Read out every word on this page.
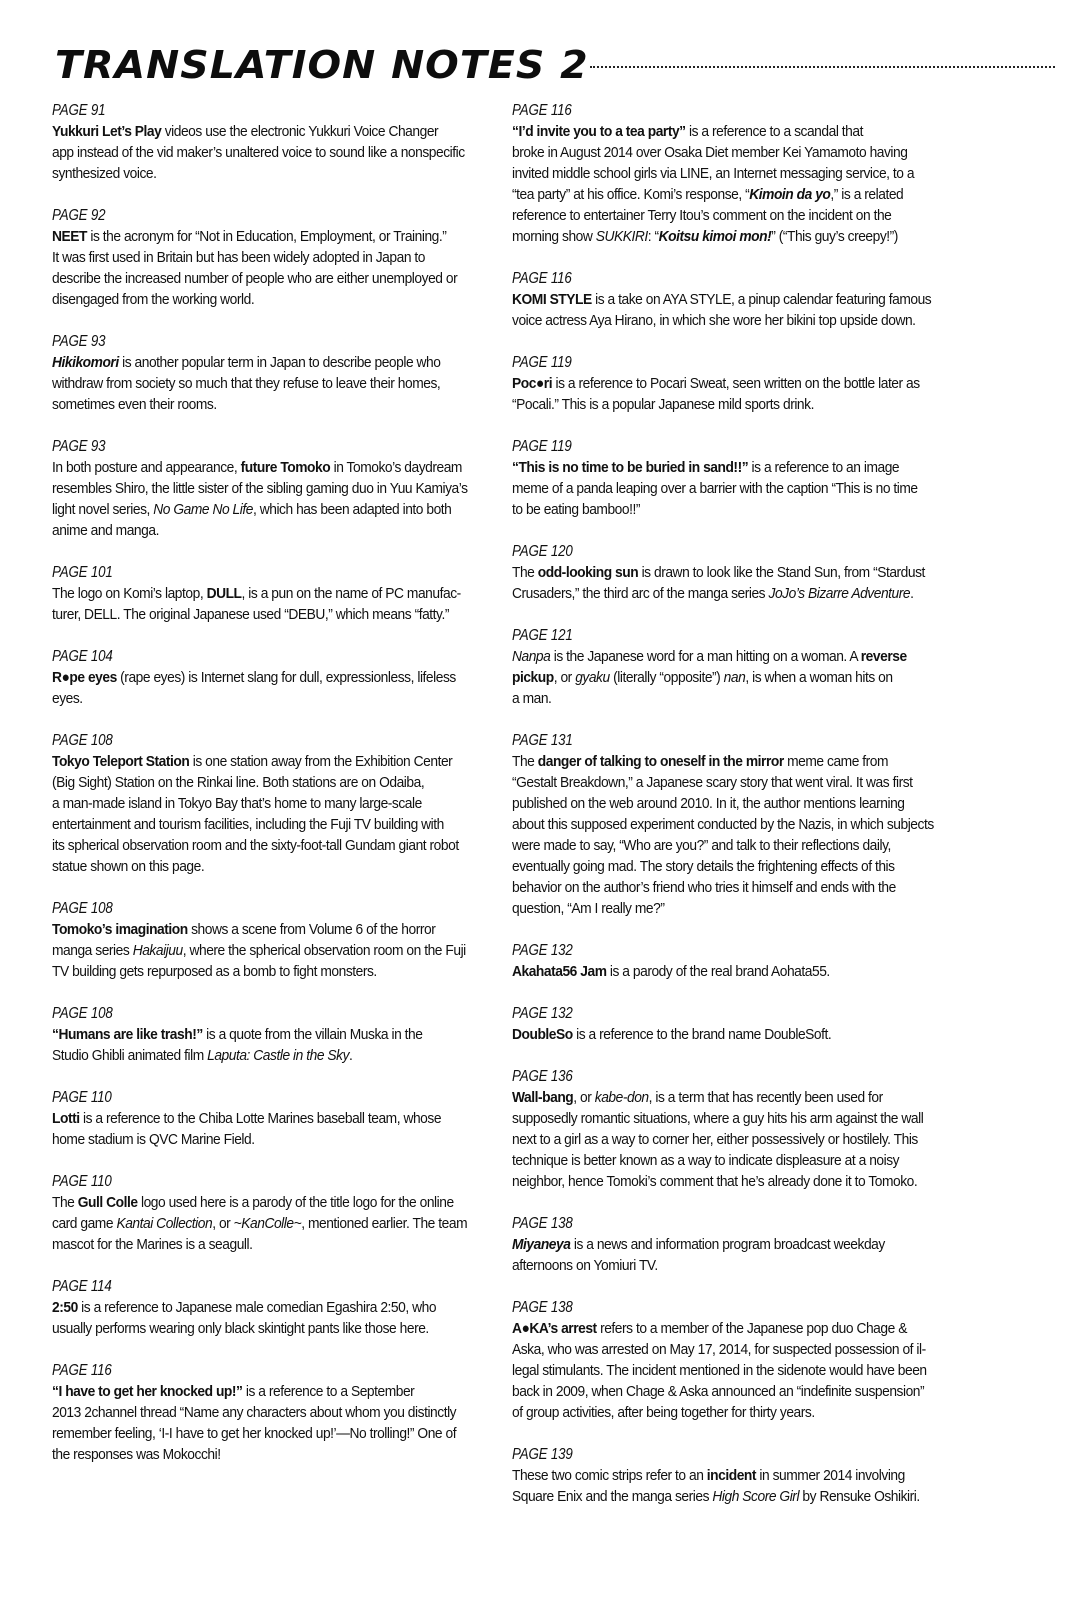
TRANSLATION NOTES 2
PAGE 91
Yukkuri Let’s Play videos use the electronic Yukkuri Voice Changer
app instead of the vid maker’s unaltered voice to sound like a nonspecific
synthesized voice.
PAGE 92
NEET is the acronym for “Not in Education, Employment, or Training.”
It was first used in Britain but has been widely adopted in Japan to
describe the increased number of people who are either unemployed or
disengaged from the working world.
PAGE 93
Hikikomori is another popular term in Japan to describe people who
withdraw from society so much that they refuse to leave their homes,
sometimes even their rooms.
PAGE 93
In both posture and appearance, future Tomoko in Tomoko’s daydream
resembles Shiro, the little sister of the sibling gaming duo in Yuu Kamiya’s
light novel series, No Game No Life, which has been adapted into both
anime and manga.
PAGE 101
The logo on Komi’s laptop, DULL, is a pun on the name of PC manufac-
turer, DELL. The original Japanese used “DEBU,” which means “fatty.”
PAGE 104
R●pe eyes (rape eyes) is Internet slang for dull, expressionless, lifeless
eyes.
PAGE 108
Tokyo Teleport Station is one station away from the Exhibition Center
(Big Sight) Station on the Rinkai line. Both stations are on Odaiba,
a man-made island in Tokyo Bay that’s home to many large-scale
entertainment and tourism facilities, including the Fuji TV building with
its spherical observation room and the sixty-foot-tall Gundam giant robot
statue shown on this page.
PAGE 108
Tomoko’s imagination shows a scene from Volume 6 of the horror
manga series Hakaijuu, where the spherical observation room on the Fuji
TV building gets repurposed as a bomb to fight monsters.
PAGE 108
“Humans are like trash!” is a quote from the villain Muska in the
Studio Ghibli animated film Laputa: Castle in the Sky.
PAGE 110
Lotti is a reference to the Chiba Lotte Marines baseball team, whose
home stadium is QVC Marine Field.
PAGE 110
The Gull Colle logo used here is a parody of the title logo for the online
card game Kantai Collection, or ~KanColle~, mentioned earlier. The team
mascot for the Marines is a seagull.
PAGE 114
2:50 is a reference to Japanese male comedian Egashira 2:50, who
usually performs wearing only black skintight pants like those here.
PAGE 116
“I have to get her knocked up!” is a reference to a September
2013 2channel thread “Name any characters about whom you distinctly
remember feeling, ‘I-I have to get her knocked up!’—No trolling!” One of
the responses was Mokocchi!
PAGE 116
“I’d invite you to a tea party” is a reference to a scandal that
broke in August 2014 over Osaka Diet member Kei Yamamoto having
invited middle school girls via LINE, an Internet messaging service, to a
“tea party” at his office. Komi’s response, “Kimoin da yo,” is a related
reference to entertainer Terry Itou’s comment on the incident on the
morning show SUKKIRI: “Koitsu kimoi mon!” (“This guy’s creepy!”)
PAGE 116
KOMI STYLE is a take on AYA STYLE, a pinup calendar featuring famous
voice actress Aya Hirano, in which she wore her bikini top upside down.
PAGE 119
Poc●ri is a reference to Pocari Sweat, seen written on the bottle later as
“Pocali.” This is a popular Japanese mild sports drink.
PAGE 119
“This is no time to be buried in sand!!” is a reference to an image
meme of a panda leaping over a barrier with the caption “This is no time
to be eating bamboo!!”
PAGE 120
The odd-looking sun is drawn to look like the Stand Sun, from “Stardust
Crusaders,” the third arc of the manga series JoJo’s Bizarre Adventure.
PAGE 121
Nanpa is the Japanese word for a man hitting on a woman. A reverse
pickup, or gyaku (literally “opposite”) nan, is when a woman hits on
a man.
PAGE 131
The danger of talking to oneself in the mirror meme came from
“Gestalt Breakdown,” a Japanese scary story that went viral. It was first
published on the web around 2010. In it, the author mentions learning
about this supposed experiment conducted by the Nazis, in which subjects
were made to say, “Who are you?” and talk to their reflections daily,
eventually going mad. The story details the frightening effects of this
behavior on the author’s friend who tries it himself and ends with the
question, “Am I really me?”
PAGE 132
Akahata56 Jam is a parody of the real brand Aohata55.
PAGE 132
DoubleSo is a reference to the brand name DoubleSoft.
PAGE 136
Wall-bang, or kabe-don, is a term that has recently been used for
supposedly romantic situations, where a guy hits his arm against the wall
next to a girl as a way to corner her, either possessively or hostilely. This
technique is better known as a way to indicate displeasure at a noisy
neighbor, hence Tomoki’s comment that he’s already done it to Tomoko.
PAGE 138
Miyaneya is a news and information program broadcast weekday
afternoons on Yomiuri TV.
PAGE 138
A●KA’s arrest refers to a member of the Japanese pop duo Chage &
Aska, who was arrested on May 17, 2014, for suspected possession of il-
legal stimulants. The incident mentioned in the sidenote would have been
back in 2009, when Chage & Aska announced an “indefinite suspension”
of group activities, after being together for thirty years.
PAGE 139
These two comic strips refer to an incident in summer 2014 involving
Square Enix and the manga series High Score Girl by Rensuke Oshikiri.
